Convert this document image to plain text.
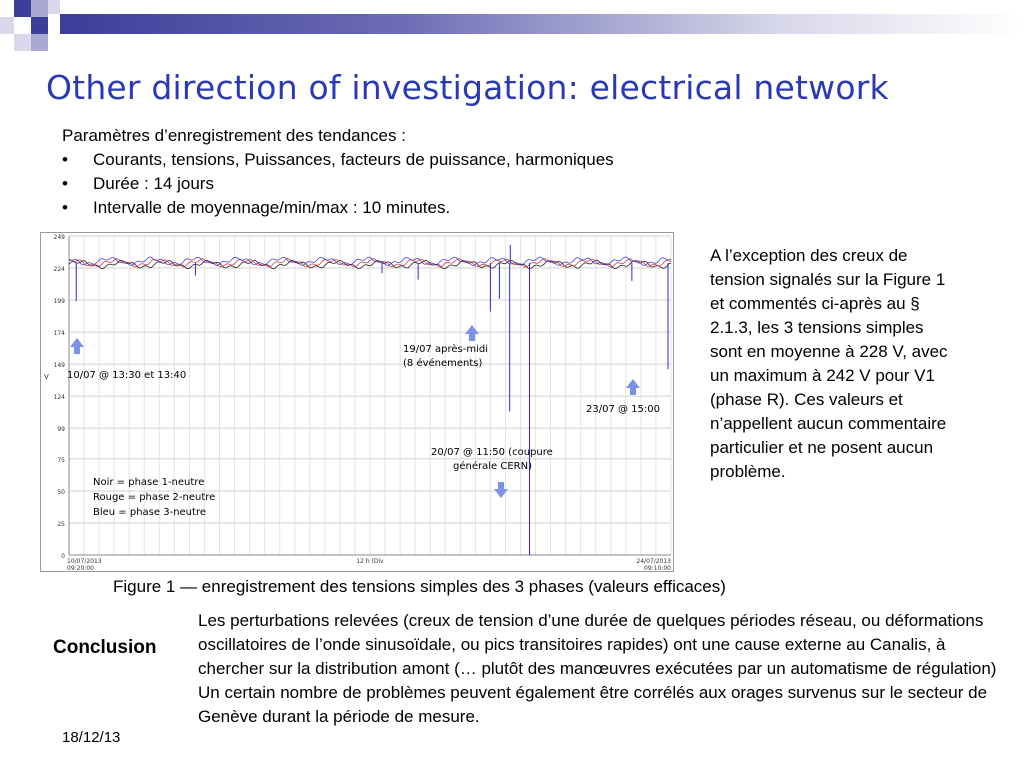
Other direction of investigation: electrical network
Paramètres d’enregistrement des tendances :
• Courants, tensions, Puissances, facteurs de puissance, harmoniques
• Durée : 14 jours
• Intervalle de moyennage/min/max : 10 minutes.
249
224
199
174
149
124
99
75
50
25
0
V
10/07/2013
09:20:00
12 h (Div	24/07/2013
09:10:00
10/07 @ 13:30 et 13:40
19/07 après-midi
(8 événements)
20/07 @ 11:50 (coupure
générale CERN)
23/07 @ 15:00
Noir = phase 1-neutre
Rouge = phase 2-neutre
Bleu = phase 3-neutre
A l’exception des creux de tension signalés sur la Figure 1 et commentés ci-après au § 2.1.3, les 3 tensions simples sont en moyenne à 228 V, avec un maximum à 242 V pour V1 (phase R). Ces valeurs et n’appellent aucun commentaire particulier et ne posent aucun problème.
Figure 1 — enregistrement des tensions simples des 3 phases (valeurs efficaces)
Conclusion
Les perturbations relevées (creux de tension d’une durée de quelques périodes réseau, ou déformations oscillatoires de l’onde sinusoïdale, ou pics transitoires rapides) ont une cause externe au Canalis, à chercher sur la distribution amont (… plutôt des manœuvres exécutées par un automatisme de régulation)
Un certain nombre de problèmes peuvent également être corrélés aux orages survenus sur le secteur de Genève durant la période de mesure.
18/12/13
